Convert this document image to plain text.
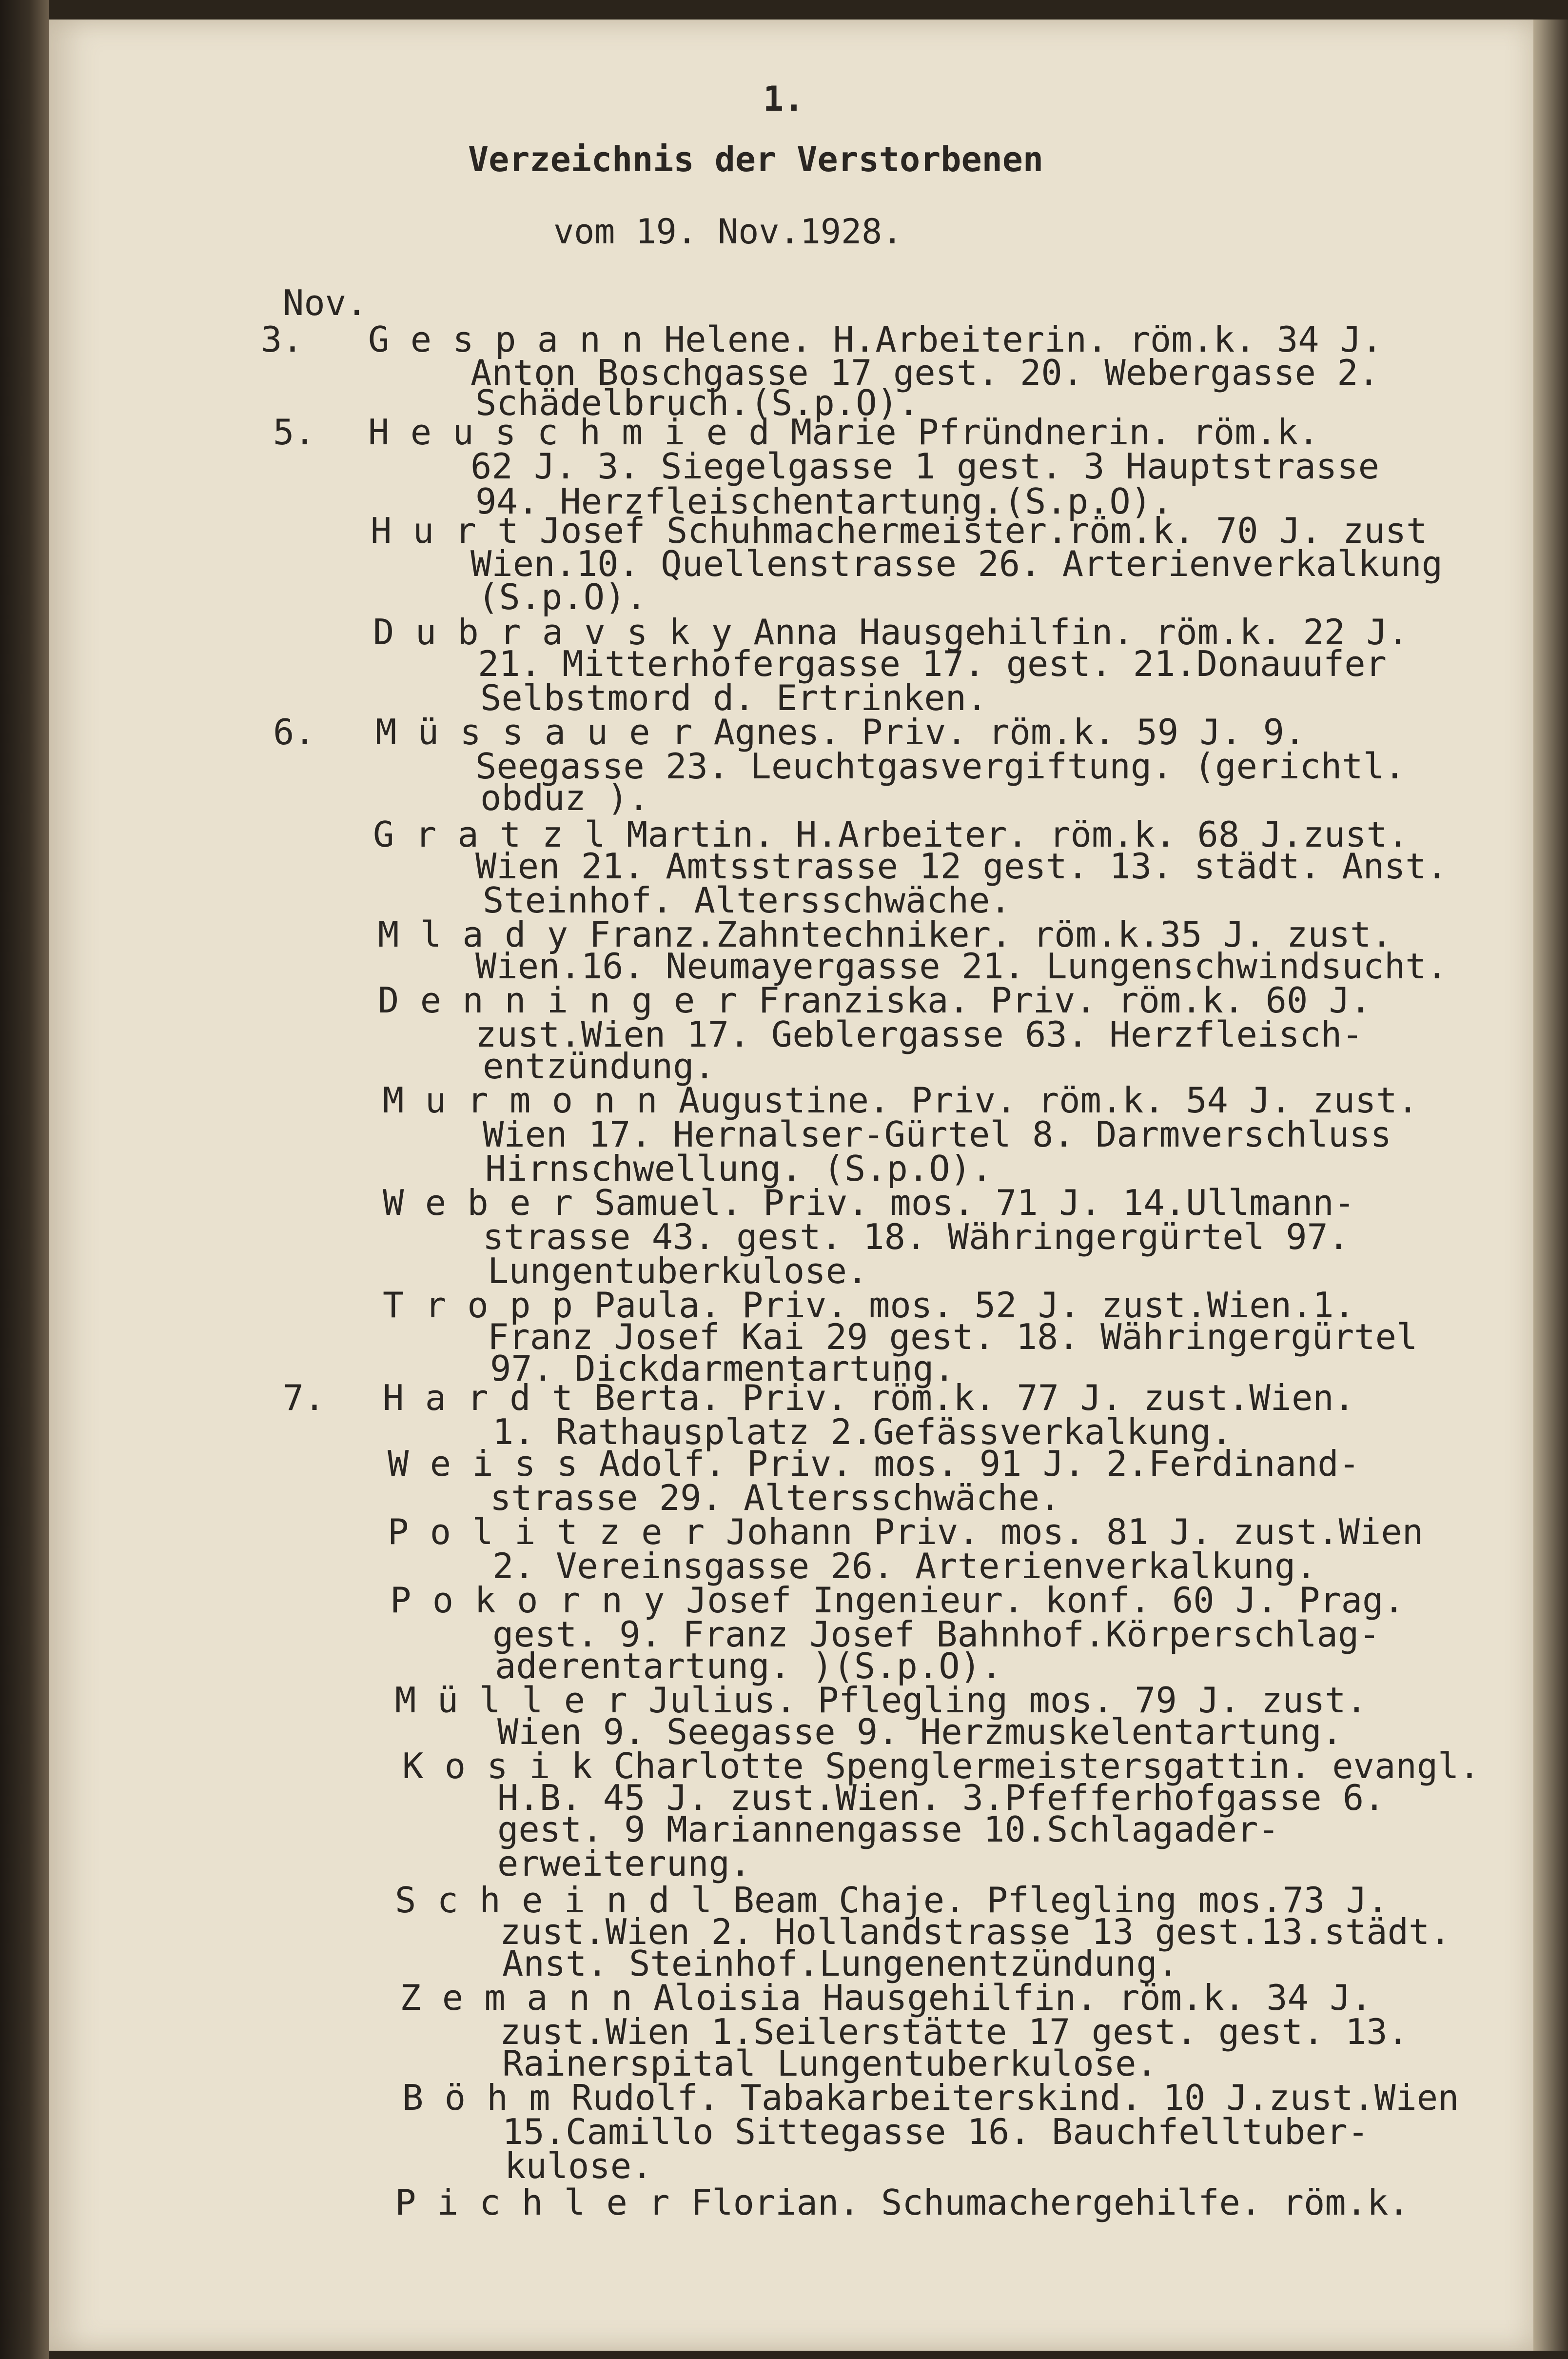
1.
Verzeichnis der Verstorbenen
vom 19. Nov.1928.
Nov.
3.
5.
6.
7.
G e s p a n n Helene. H.Arbeiterin. röm.k. 34 J.
Anton Boschgasse 17 gest. 20. Webergasse 2.
Schädelbruch.(S.p.O).
H e u s c h m i e d Marie Pfründnerin. röm.k.
62 J. 3. Siegelgasse 1 gest. 3 Hauptstrasse
94. Herzfleischentartung.(S.p.O).
H u r t Josef Schuhmachermeister.röm.k. 70 J. zust
Wien.10. Quellenstrasse 26. Arterienverkalkung
(S.p.O).
D u b r a v s k y Anna Hausgehilfin. röm.k. 22 J.
21. Mitterhofergasse 17. gest. 21.Donauufer
Selbstmord d. Ertrinken.
M ü s s a u e r Agnes. Priv. röm.k. 59 J. 9.
Seegasse 23. Leuchtgasvergiftung. (gerichtl.
obduz ).
G r a t z l Martin. H.Arbeiter. röm.k. 68 J.zust.
Wien 21. Amtsstrasse 12 gest. 13. städt. Anst.
Steinhof. Altersschwäche.
M l a d y Franz.Zahntechniker. röm.k.35 J. zust.
Wien.16. Neumayergasse 21. Lungenschwindsucht.
D e n n i n g e r Franziska. Priv. röm.k. 60 J.
zust.Wien 17. Geblergasse 63. Herzfleisch-
entzündung.
M u r m o n n Augustine. Priv. röm.k. 54 J. zust.
Wien 17. Hernalser-Gürtel 8. Darmverschluss
Hirnschwellung. (S.p.O).
W e b e r Samuel. Priv. mos. 71 J. 14.Ullmann-
strasse 43. gest. 18. Währingergürtel 97.
Lungentuberkulose.
T r o p p Paula. Priv. mos. 52 J. zust.Wien.1.
Franz Josef Kai 29 gest. 18. Währingergürtel
97. Dickdarmentartung.
H a r d t Berta. Priv. röm.k. 77 J. zust.Wien.
1. Rathausplatz 2.Gefässverkalkung.
W e i s s Adolf. Priv. mos. 91 J. 2.Ferdinand-
strasse 29. Altersschwäche.
P o l i t z e r Johann Priv. mos. 81 J. zust.Wien
2. Vereinsgasse 26. Arterienverkalkung.
P o k o r n y Josef Ingenieur. konf. 60 J. Prag.
gest. 9. Franz Josef Bahnhof.Körperschlag-
aderentartung. )(S.p.O).
M ü l l e r Julius. Pflegling mos. 79 J. zust.
Wien 9. Seegasse 9. Herzmuskelentartung.
K o s i k Charlotte Spenglermeistersgattin. evangl.
H.B. 45 J. zust.Wien. 3.Pfefferhofgasse 6.
gest. 9 Mariannengasse 10.Schlagader-
erweiterung.
S c h e i n d l Beam Chaje. Pflegling mos.73 J.
zust.Wien 2. Hollandstrasse 13 gest.13.städt.
Anst. Steinhof.Lungenentzündung.
Z e m a n n Aloisia Hausgehilfin. röm.k. 34 J.
zust.Wien 1.Seilerstätte 17 gest. gest. 13.
Rainerspital Lungentuberkulose.
B ö h m Rudolf. Tabakarbeiterskind. 10 J.zust.Wien
15.Camillo Sittegasse 16. Bauchfelltuber-
kulose.
P i c h l e r Florian. Schumachergehilfe. röm.k.
